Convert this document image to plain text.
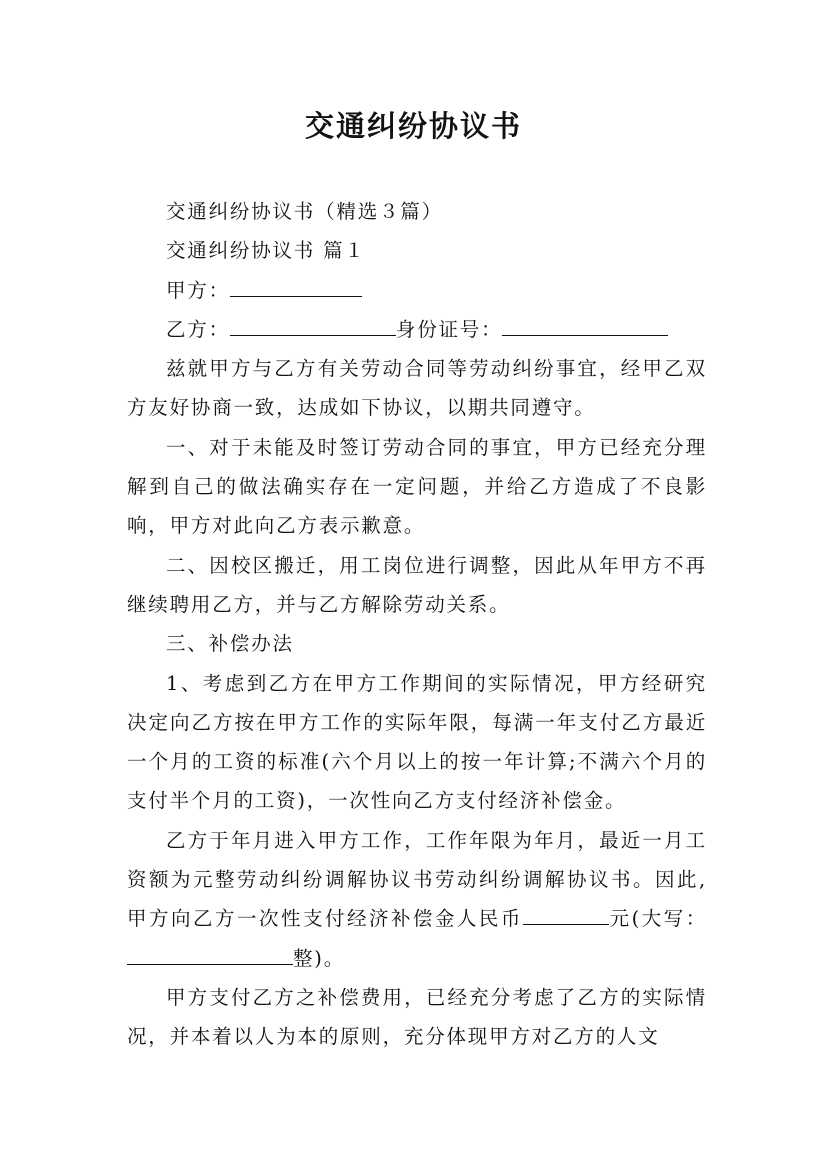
交通纠纷协议书

交通纠纷协议书（精选３篇）

交通纠纷协议书 篇１

甲方：

乙方：	身份证号：

兹就甲方与乙方有关劳动合同等劳动纠纷事宜，经甲乙双方友好协商一致，达成如下协议，以期共同遵守。

一、对于未能及时签订劳动合同的事宜，甲方已经充分理解到自己的做法确实存在一定问题，并给乙方造成了不良影响，甲方对此向乙方表示歉意。

二、因校区搬迁，用工岗位进行调整，因此从年甲方不再继续聘用乙方，并与乙方解除劳动关系。

三、补偿办法

1、考虑到乙方在甲方工作期间的实际情况，甲方经研究决定向乙方按在甲方工作的实际年限，每满一年支付乙方最近一个月的工资的标准(六个月以上的按一年计算;不满六个月的支付半个月的工资)，一次性向乙方支付经济补偿金。

乙方于年月进入甲方工作，工作年限为年月，最近一月工资额为元整劳动纠纷调解协议书劳动纠纷调解协议书。因此,甲方向乙方一次性支付经济补偿金人民币	元(大写：整)。

甲方支付乙方之补偿费用，已经充分考虑了乙方的实际情况，并本着以人为本的原则，充分体现甲方对乙方的人文
